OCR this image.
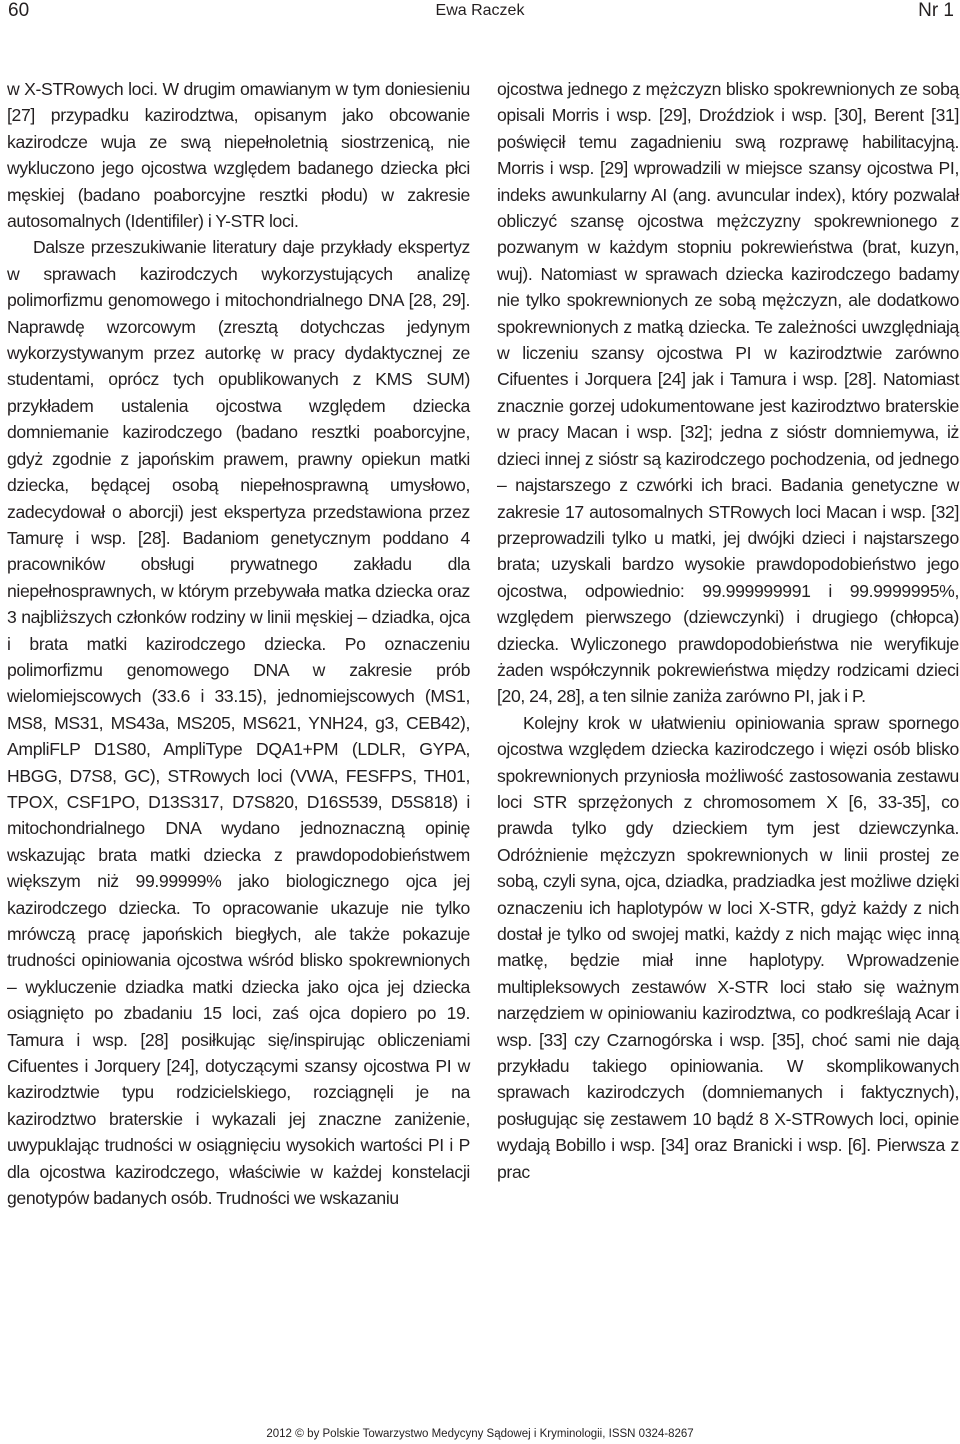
60	Ewa Raczek	Nr 1

w X-STRowych loci. W drugim omawianym w tym doniesieniu [27] przypadku kazirodztwa, opisanym jako obcowanie kazirodcze wuja ze swą niepełnoletnią siostrzenicą, nie wykluczono jego ojcostwa względem badanego dziecka płci męskiej (badano poaborcyjne resztki płodu) w zakresie autosomalnych (Identifiler) i Y-STR loci.

Dalsze przeszukiwanie literatury daje przykłady ekspertyz w sprawach kazirodczych wykorzystujących analizę polimorfizmu genomowego i mitochondrialnego DNA [28, 29]. Naprawdę wzorcowym (zresztą dotychczas jedynym wykorzystywanym przez autorkę w pracy dydaktycznej ze studentami, oprócz tych opublikowanych z KMS SUM) przykładem ustalenia ojcostwa względem dziecka domniemanie kazirodczego (badano resztki poaborcyjne, gdyż zgodnie z japońskim prawem, prawny opiekun matki dziecka, będącej osobą niepełnosprawną umysłowo, zadecydował o aborcji) jest ekspertyza przedstawiona przez Tamurę i wsp. [28]. Badaniom genetycznym poddano 4 pracowników obsługi prywatnego zakładu dla niepełnosprawnych, w którym przebywała matka dziecka oraz 3 najbliższych członków rodziny w linii męskiej – dziadka, ojca i brata matki kazirodczego dziecka. Po oznaczeniu polimorfizmu genomowego DNA w zakresie prób wielomiejscowych (33.6 i 33.15), jednomiejscowych (MS1, MS8, MS31, MS43a, MS205, MS621, YNH24, g3, CEB42), AmpliFLP D1S80, AmpliType DQA1+PM (LDLR, GYPA, HBGG, D7S8, GC), STRowych loci (VWA, FESFPS, TH01, TPOX, CSF1PO, D13S317, D7S820, D16S539, D5S818) i mitochondrialnego DNA wydano jednoznaczną opinię wskazując brata matki dziecka z prawdopodobieństwem większym niż 99.99999% jako biologicznego ojca jej kazirodczego dziecka. To opracowanie ukazuje nie tylko mrówczą pracę japońskich biegłych, ale także pokazuje trudności opiniowania ojcostwa wśród blisko spokrewnionych – wykluczenie dziadka matki dziecka jako ojca jej dziecka osiągnięto po zbadaniu 15 loci, zaś ojca dopiero po 19. Tamura i wsp. [28] posiłkując się/inspirując obliczeniami Cifuentes i Jorquery [24], dotyczącymi szansy ojcostwa PI w kazirodztwie typu rodzicielskiego, rozciągnęli je na kazirodztwo braterskie i wykazali jej znaczne zaniżenie, uwypuklając trudności w osiągnięciu wysokich wartości PI i P dla ojcostwa kazirodczego, właściwie w każdej konstelacji genotypów badanych osób. Trudności we wskazaniu

ojcostwa jednego z mężczyzn blisko spokrewnionych ze sobą opisali Morris i wsp. [29], Droździok i wsp. [30], Berent [31] poświęcił temu zagadnieniu swą rozprawę habilitacyjną. Morris i wsp. [29] wprowadzili w miejsce szansy ojcostwa PI, indeks awunkularny AI (ang. avuncular index), który pozwalał obliczyć szansę ojcostwa mężczyzny spokrewnionego z pozwanym w każdym stopniu pokrewieństwa (brat, kuzyn, wuj). Natomiast w sprawach dziecka kazirodczego badamy nie tylko spokrewnionych ze sobą mężczyzn, ale dodatkowo spokrewnionych z matką dziecka. Te zależności uwzględniają w liczeniu szansy ojcostwa PI w kazirodztwie zarówno Cifuentes i Jorquera [24] jak i Tamura i wsp. [28]. Natomiast znacznie gorzej udokumentowane jest kazirodztwo braterskie w pracy Macan i wsp. [32]; jedna z sióstr domniemywa, iż dzieci innej z sióstr są kazirodczego pochodzenia, od jednego – najstarszego z czwórki ich braci. Badania genetyczne w zakresie 17 autosomalnych STRowych loci Macan i wsp. [32] przeprowadzili tylko u matki, jej dwójki dzieci i najstarszego brata; uzyskali bardzo wysokie prawdopodobieństwo jego ojcostwa, odpowiednio: 99.999999991 i 99.9999995%, względem pierwszego (dziewczynki) i drugiego (chłopca) dziecka. Wyliczonego prawdopodobieństwa nie weryfikuje żaden współczynnik pokrewieństwa między rodzicami dzieci [20, 24, 28], a ten silnie zaniża zarówno PI, jak i P.

Kolejny krok w ułatwieniu opiniowania spraw spornego ojcostwa względem dziecka kazirodczego i więzi osób blisko spokrewnionych przyniosła możliwość zastosowania zestawu loci STR sprzężonych z chromosomem X [6, 33-35], co prawda tylko gdy dzieckiem tym jest dziewczynka. Odróżnienie mężczyzn spokrewnionych w linii prostej ze sobą, czyli syna, ojca, dziadka, pradziadka jest możliwe dzięki oznaczeniu ich haplotypów w loci X-STR, gdyż każdy z nich dostał je tylko od swojej matki, każdy z nich mając więc inną matkę, będzie miał inne haplotypy. Wprowadzenie multipleksowych zestawów X-STR loci stało się ważnym narzędziem w opiniowaniu kazirodztwa, co podkreślają Acar i wsp. [33] czy Czarnogórska i wsp. [35], choć sami nie dają przykładu takiego opiniowania. W skomplikowanych sprawach kazirodczych (domniemanych i faktycznych), posługując się zestawem 10 bądź 8 X-STRowych loci, opinie wydają Bobillo i wsp. [34] oraz Branicki i wsp. [6]. Pierwsza z prac

2012 © by Polskie Towarzystwo Medycyny Sądowej i Kryminologii, ISSN 0324-8267
